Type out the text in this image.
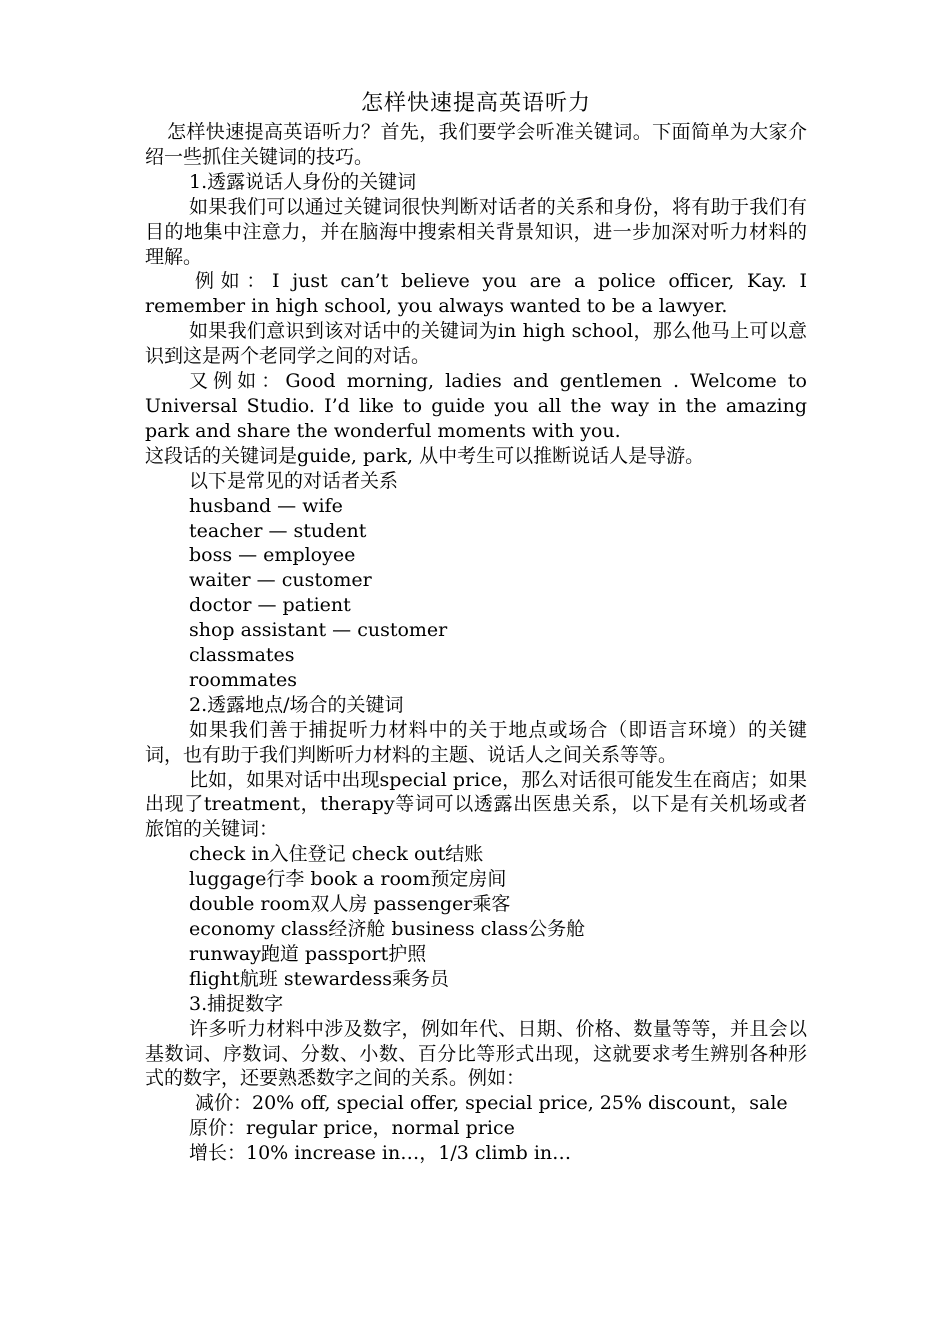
怎样快速提高英语听力

怎样快速提高英语听力？首先，我们要学会听准关键词。下面简单为大家介绍一些抓住关键词的技巧。

1.透露说话人身份的关键词

如果我们可以通过关键词很快判断对话者的关系和身份，将有助于我们有目的地集中注意力，并在脑海中搜索相关背景知识，进一步加深对听力材料的理解。

例如：I just can’t believe you are a police officer, Kay. I remember in high school, you always wanted to be a lawyer.

如果我们意识到该对话中的关键词为in high school，那么他马上可以意识到这是两个老同学之间的对话。

又例如：Good morning, ladies and gentlemen . Welcome to Universal Studio. I’d like to guide you all the way in the amazing park and share the wonderful moments with you.

这段话的关键词是guide, park, 从中考生可以推断说话人是导游。

以下是常见的对话者关系

husband — wife

teacher — student

boss — employee

waiter — customer

doctor — patient

shop assistant — customer

classmates

roommates

2.透露地点/场合的关键词

如果我们善于捕捉听力材料中的关于地点或场合（即语言环境）的关键词，也有助于我们判断听力材料的主题、说话人之间关系等等。

比如，如果对话中出现special price，那么对话很可能发生在商店；如果出现了treatment，therapy等词可以透露出医患关系，以下是有关机场或者旅馆的关键词：

check in入住登记 check out结账

luggage行李 book a room预定房间

double room双人房 passenger乘客

economy class经济舱 business class公务舱

runway跑道 passport护照

flight航班 stewardess乘务员

3.捕捉数字

许多听力材料中涉及数字，例如年代、日期、价格、数量等等，并且会以基数词、序数词、分数、小数、百分比等形式出现，这就要求考生辨别各种形式的数字，还要熟悉数字之间的关系。例如：

减价：20% off, special offer, special price, 25% discount，sale

原价：regular price，normal price

增长：10% increase in…，1/3 climb in…
